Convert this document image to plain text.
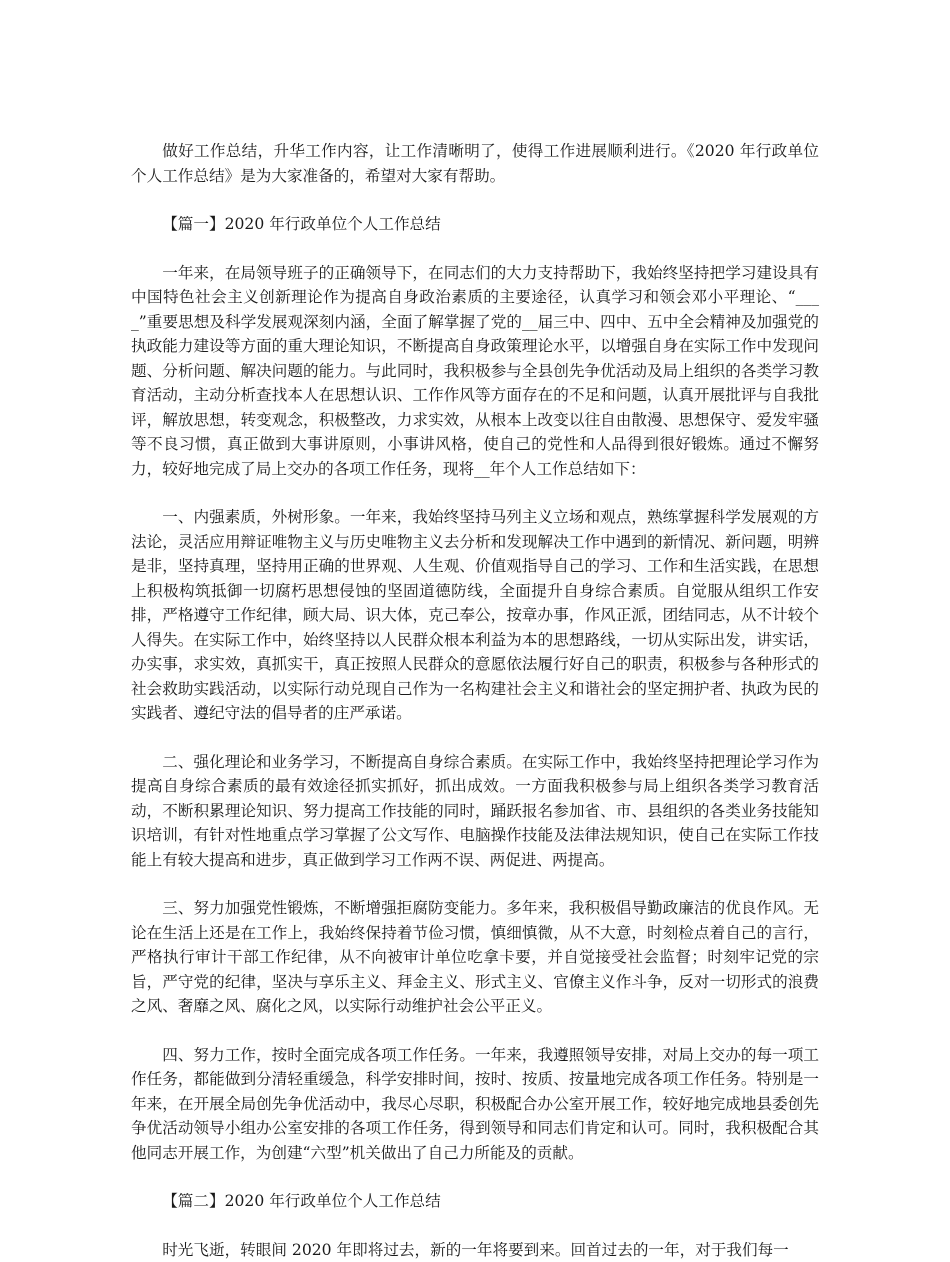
做好工作总结，升华工作内容，让工作清晰明了，使得工作进展顺利进行。《2020 年行政单位个人工作总结》是为大家准备的，希望对大家有帮助。

【篇一】2020 年行政单位个人工作总结

一年来，在局领导班子的正确领导下，在同志们的大力支持帮助下，我始终坚持把学习建设具有中国特色社会主义创新理论作为提高自身政治素质的主要途径，认真学习和领会邓小平理论、“____”重要思想及科学发展观深刻内涵，全面了解掌握了党的__届三中、四中、五中全会精神及加强党的执政能力建设等方面的重大理论知识，不断提高自身政策理论水平，以增强自身在实际工作中发现问题、分析问题、解决问题的能力。与此同时，我积极参与全县创先争优活动及局上组织的各类学习教育活动，主动分析查找本人在思想认识、工作作风等方面存在的不足和问题，认真开展批评与自我批评，解放思想，转变观念，积极整改，力求实效，从根本上改变以往自由散漫、思想保守、爱发牢骚等不良习惯，真正做到大事讲原则，小事讲风格，使自己的党性和人品得到很好锻炼。通过不懈努力，较好地完成了局上交办的各项工作任务，现将__年个人工作总结如下：

一、内强素质，外树形象。一年来，我始终坚持马列主义立场和观点，熟练掌握科学发展观的方法论，灵活应用辩证唯物主义与历史唯物主义去分析和发现解决工作中遇到的新情况、新问题，明辨是非，坚持真理，坚持用正确的世界观、人生观、价值观指导自己的学习、工作和生活实践，在思想上积极构筑抵御一切腐朽思想侵蚀的坚固道德防线，全面提升自身综合素质。自觉服从组织工作安排，严格遵守工作纪律，顾大局、识大体，克己奉公，按章办事，作风正派，团结同志，从不计较个人得失。在实际工作中，始终坚持以人民群众根本利益为本的思想路线，一切从实际出发，讲实话，办实事，求实效，真抓实干，真正按照人民群众的意愿依法履行好自己的职责，积极参与各种形式的社会救助实践活动，以实际行动兑现自己作为一名构建社会主义和谐社会的坚定拥护者、执政为民的实践者、遵纪守法的倡导者的庄严承诺。

二、强化理论和业务学习，不断提高自身综合素质。在实际工作中，我始终坚持把理论学习作为提高自身综合素质的最有效途径抓实抓好，抓出成效。一方面我积极参与局上组织各类学习教育活动，不断积累理论知识、努力提高工作技能的同时，踊跃报名参加省、市、县组织的各类业务技能知识培训，有针对性地重点学习掌握了公文写作、电脑操作技能及法律法规知识，使自己在实际工作技能上有较大提高和进步，真正做到学习工作两不误、两促进、两提高。

三、努力加强党性锻炼，不断增强拒腐防变能力。多年来，我积极倡导勤政廉洁的优良作风。无论在生活上还是在工作上，我始终保持着节俭习惯，慎细慎微，从不大意，时刻检点着自己的言行，严格执行审计干部工作纪律，从不向被审计单位吃拿卡要，并自觉接受社会监督；时刻牢记党的宗旨，严守党的纪律，坚决与享乐主义、拜金主义、形式主义、官僚主义作斗争，反对一切形式的浪费之风、奢靡之风、腐化之风，以实际行动维护社会公平正义。

四、努力工作，按时全面完成各项工作任务。一年来，我遵照领导安排，对局上交办的每一项工作任务，都能做到分清轻重缓急，科学安排时间，按时、按质、按量地完成各项工作任务。特别是一年来，在开展全局创先争优活动中，我尽心尽职，积极配合办公室开展工作，较好地完成地县委创先争优活动领导小组办公室安排的各项工作任务，得到领导和同志们肯定和认可。同时，我积极配合其他同志开展工作，为创建“六型”机关做出了自己力所能及的贡献。

【篇二】2020 年行政单位个人工作总结

时光飞逝，转眼间 2020 年即将过去，新的一年将要到来。回首过去的一年，对于我们每一
